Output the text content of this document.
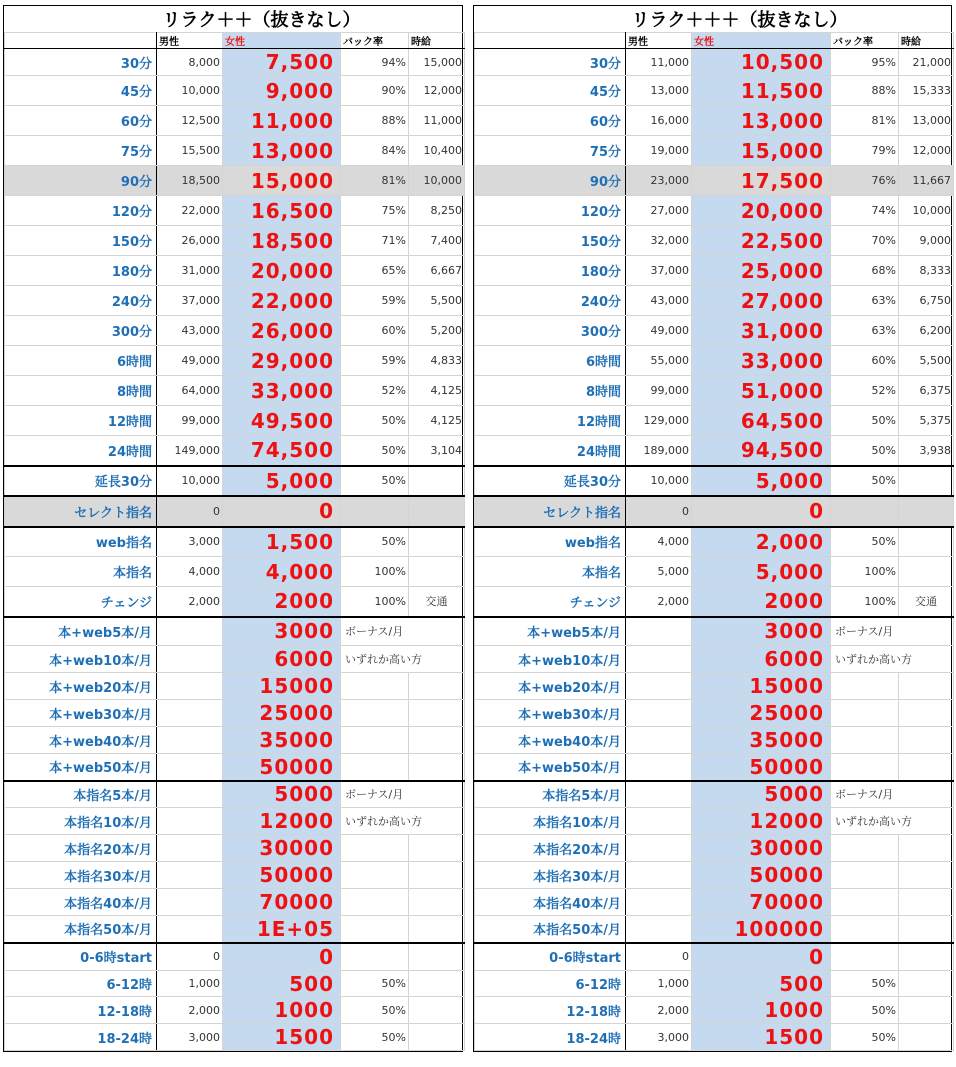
	リラク＋＋（抜きなし）			
	男性	女性	バック率	時給
30分	8,000	7,500	94%	15,000
45分	10,000	9,000	90%	12,000
60分	12,500	11,000	88%	11,000
75分	15,500	13,000	84%	10,400
90分	18,500	15,000	81%	10,000
120分	22,000	16,500	75%	8,250
150分	26,000	18,500	71%	7,400
180分	31,000	20,000	65%	6,667
240分	37,000	22,000	59%	5,500
300分	43,000	26,000	60%	5,200
6時間	49,000	29,000	59%	4,833
8時間	64,000	33,000	52%	4,125
12時間	99,000	49,500	50%	4,125
24時間	149,000	74,500	50%	3,104
延長30分	10,000	5,000	50%	
セレクト指名	0	0		
web指名	3,000	1,500	50%	
本指名	4,000	4,000	100%	
チェンジ	2,000	2000	100%	交通
本+web5本/月		3000	ボーナス/月	
本+web10本/月		6000	いずれか高い方	
本+web20本/月		15000		
本+web30本/月		25000		
本+web40本/月		35000		
本+web50本/月		50000		
本指名5本/月		5000	ボーナス/月	
本指名10本/月		12000	いずれか高い方	
本指名20本/月		30000		
本指名30本/月		50000		
本指名40本/月		70000		
本指名50本/月		1E+05		
0-6時start	0	0		
6-12時	1,000	500	50%	
12-18時	2,000	1000	50%	
18-24時	3,000	1500	50%	
	リラク＋＋＋（抜きなし）			
	男性	女性	バック率	時給
30分	11,000	10,500	95%	21,000
45分	13,000	11,500	88%	15,333
60分	16,000	13,000	81%	13,000
75分	19,000	15,000	79%	12,000
90分	23,000	17,500	76%	11,667
120分	27,000	20,000	74%	10,000
150分	32,000	22,500	70%	9,000
180分	37,000	25,000	68%	8,333
240分	43,000	27,000	63%	6,750
300分	49,000	31,000	63%	6,200
6時間	55,000	33,000	60%	5,500
8時間	99,000	51,000	52%	6,375
12時間	129,000	64,500	50%	5,375
24時間	189,000	94,500	50%	3,938
延長30分	10,000	5,000	50%	
セレクト指名	0	0		
web指名	4,000	2,000	50%	
本指名	5,000	5,000	100%	
チェンジ	2,000	2000	100%	交通
本+web5本/月		3000	ボーナス/月	
本+web10本/月		6000	いずれか高い方	
本+web20本/月		15000		
本+web30本/月		25000		
本+web40本/月		35000		
本+web50本/月		50000		
本指名5本/月		5000	ボーナス/月	
本指名10本/月		12000	いずれか高い方	
本指名20本/月		30000		
本指名30本/月		50000		
本指名40本/月		70000		
本指名50本/月		100000		
0-6時start	0	0		
6-12時	1,000	500	50%	
12-18時	2,000	1000	50%	
18-24時	3,000	1500	50%	
